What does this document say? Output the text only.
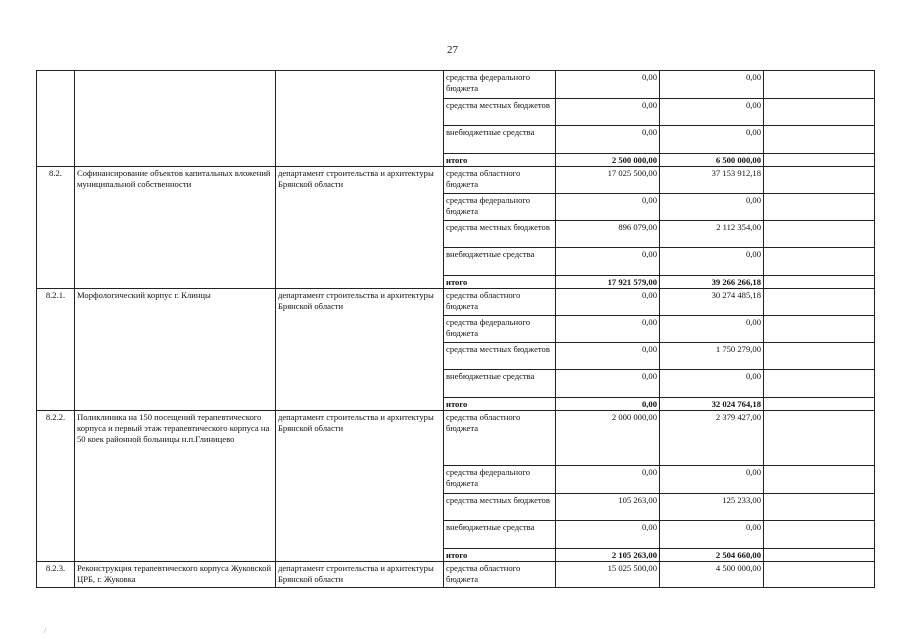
27
			средства федерального бюджета	0,00	0,00	
			средства местных бюджетов	0,00	0,00	
			внебюджетные средства	0,00	0,00	
			итого	2 500 000,00	6 500 000,00	
8.2.	Софинансирование объектов капитальных вложений муниципальной собственности	департамент строительства и архитектуры Брянской области	средства областного бюджета	17 025 500,00	37 153 912,18	
			средства федерального бюджета	0,00	0,00	
			средства местных бюджетов	896 079,00	2 112 354,00	
			внебюджетные средства	0,00	0,00	
			итого	17 921 579,00	39 266 266,18	
8.2.1.	Морфологический корпус г. Клинцы	департамент строительства и архитектуры Брянской области	средства областного бюджета	0,00	30 274 485,18	
			средства федерального бюджета	0,00	0,00	
			средства местных бюджетов	0,00	1 750 279,00	
			внебюджетные средства	0,00	0,00	
			итого	0,00	32 024 764,18	
8.2.2.	Поликлиника на 150 посещений терапевтического корпуса и первый этаж терапевтического корпуса на 50 коек районной больницы н.п.Глиницево	департамент строительства и архитектуры Брянской области	средства областного бюджета	2 000 000,00	2 379 427,00	
			средства федерального бюджета	0,00	0,00	
			средства местных бюджетов	105 263,00	125 233,00	
			внебюджетные средства	0,00	0,00	
			итого	2 105 263,00	2 504 660,00	
8.2.3.	Реконструкция терапевтического корпуса Жуковской ЦРБ, г. Жуковка	департамент строительства и архитектуры Брянской области	средства областного бюджета	15 025 500,00	4 500 000,00	
/
